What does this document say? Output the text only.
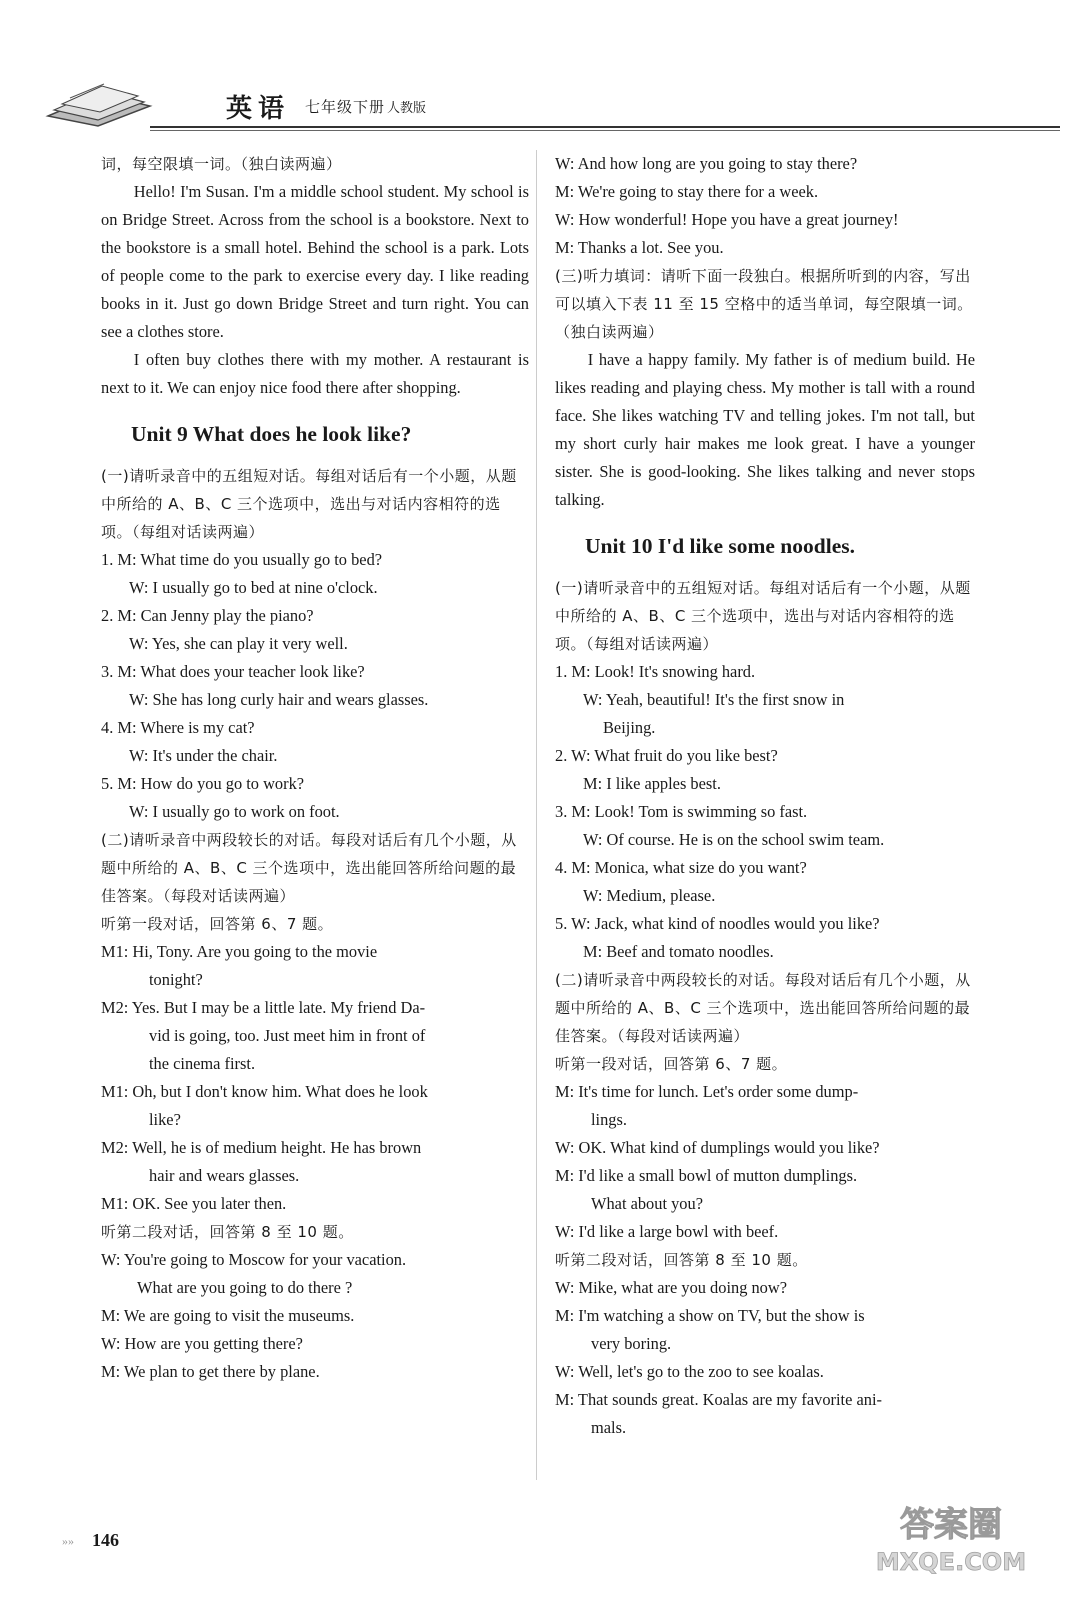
英语 七年级下册 人教版

词，每空限填一词。（独白读两遍）

Hello! I'm Susan. I'm a middle school student. My school is on Bridge Street. Across from the school is a bookstore. Next to the bookstore is a small hotel. Behind the school is a park. Lots of people come to the park to exercise every day. I like reading books in it. Just go down Bridge Street and turn right. You can see a clothes store.

I often buy clothes there with my mother. A restaurant is next to it. We can enjoy nice food there after shopping.

Unit 9 What does he look like?

(一)请听录音中的五组短对话。每组对话后有一个小题，从题中所给的 A、B、C 三个选项中，选出与对话内容相符的选项。（每组对话读两遍）

1. M: What time do you usually go to bed?

W: I usually go to bed at nine o'clock.

2. M: Can Jenny play the piano?

W: Yes, she can play it very well.

3. M: What does your teacher look like?

W: She has long curly hair and wears glasses.

4. M: Where is my cat?

W: It's under the chair.

5. M: How do you go to work?

W: I usually go to work on foot.

(二)请听录音中两段较长的对话。每段对话后有几个小题，从题中所给的 A、B、C 三个选项中，选出能回答所给问题的最佳答案。（每段对话读两遍）

听第一段对话，回答第 6、7 题。

M1: Hi, Tony. Are you going to the movie

tonight?

M2: Yes. But I may be a little late. My friend Da-

vid is going, too. Just meet him in front of

the cinema first.

M1: Oh, but I don't know him. What does he look

like?

M2: Well, he is of medium height. He has brown

hair and wears glasses.

M1: OK. See you later then.

听第二段对话，回答第 8 至 10 题。

W: You're going to Moscow for your vacation.

What are you going to do there ?

M: We are going to visit the museums.

W: How are you getting there?

M: We plan to get there by plane.

W: And how long are you going to stay there?

M: We're going to stay there for a week.

W: How wonderful! Hope you have a great journey!

M: Thanks a lot. See you.

(三)听力填词：请听下面一段独白。根据所听到的内容，写出可以填入下表 11 至 15 空格中的适当单词，每空限填一词。（独白读两遍）

I have a happy family. My father is of medium build. He likes reading and playing chess. My mother is tall with a round face. She likes watching TV and telling jokes. I'm not tall, but my short curly hair makes me look great. I have a younger sister. She is good-looking. She likes talking and never stops talking.

Unit 10 I'd like some noodles.

(一)请听录音中的五组短对话。每组对话后有一个小题，从题中所给的 A、B、C 三个选项中，选出与对话内容相符的选项。（每组对话读两遍）

1. M: Look! It's snowing hard.

W: Yeah, beautiful! It's the first snow in

Beijing.

2. W: What fruit do you like best?

M: I like apples best.

3. M: Look! Tom is swimming so fast.

W: Of course. He is on the school swim team.

4. M: Monica, what size do you want?

W: Medium, please.

5. W: Jack, what kind of noodles would you like?

M: Beef and tomato noodles.

(二)请听录音中两段较长的对话。每段对话后有几个小题，从题中所给的 A、B、C 三个选项中，选出能回答所给问题的最佳答案。（每段对话读两遍）

听第一段对话，回答第 6、7 题。

M: It's time for lunch. Let's order some dump-

lings.

W: OK. What kind of dumplings would you like?

M: I'd like a small bowl of mutton dumplings.

What about you?

W: I'd like a large bowl with beef.

听第二段对话，回答第 8 至 10 题。

W: Mike, what are you doing now?

M: I'm watching a show on TV, but the show is

very boring.

W: Well, let's go to the zoo to see koalas.

M: That sounds great. Koalas are my favorite ani-

mals.

»» 146	答案圈
MXQE.COM
